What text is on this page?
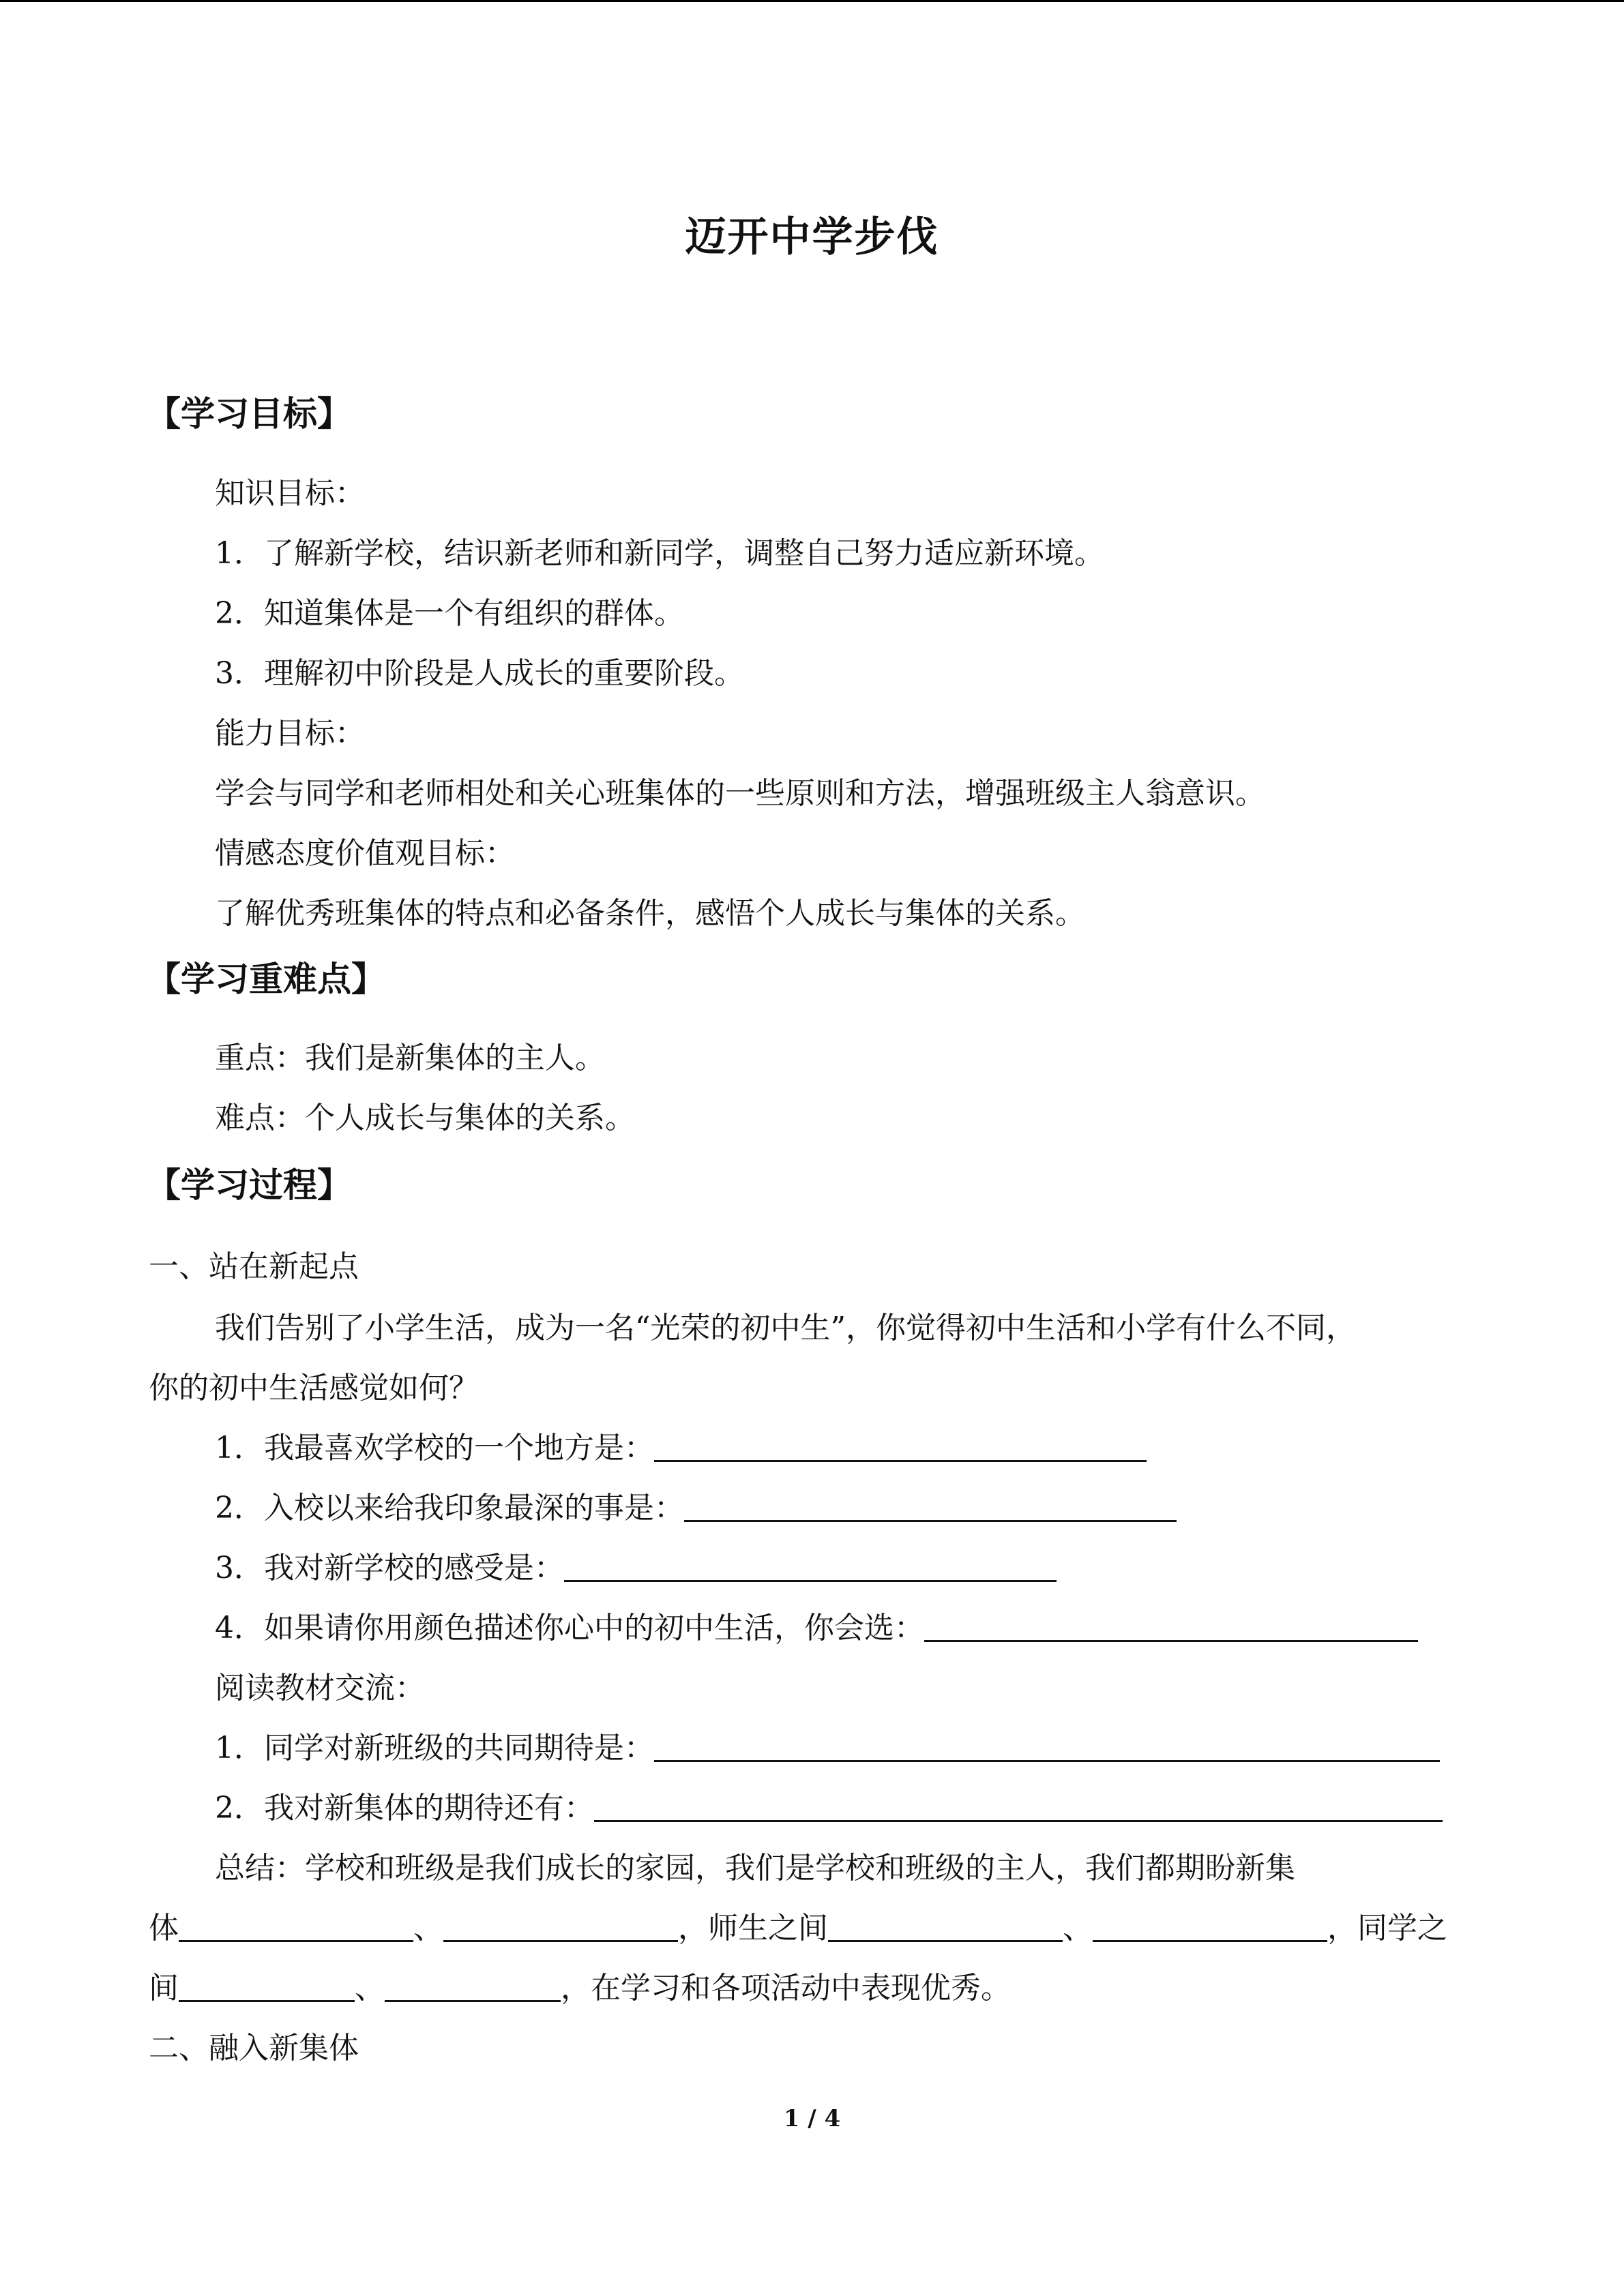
迈开中学步伐
【学习目标】
知识目标：
1．了解新学校，结识新老师和新同学，调整自己努力适应新环境。
2．知道集体是一个有组织的群体。
3．理解初中阶段是人成长的重要阶段。
能力目标：
学会与同学和老师相处和关心班集体的一些原则和方法，增强班级主人翁意识。
情感态度价值观目标：
了解优秀班集体的特点和必备条件，感悟个人成长与集体的关系。
【学习重难点】
重点：我们是新集体的主人。
难点：个人成长与集体的关系。
【学习过程】
一、站在新起点
我们告别了小学生活，成为一名“光荣的初中生”，你觉得初中生活和小学有什么不同，
你的初中生活感觉如何？
1．我最喜欢学校的一个地方是：
2．入校以来给我印象最深的事是：
3．我对新学校的感受是：
4．如果请你用颜色描述你心中的初中生活，你会选：
阅读教材交流：
1．同学对新班级的共同期待是：
2．我对新集体的期待还有：
总结：学校和班级是我们成长的家园，我们是学校和班级的主人，我们都期盼新集
体	、	，师生之间	、	，同学之
间	、	，在学习和各项活动中表现优秀。
二、融入新集体
1 / 4
